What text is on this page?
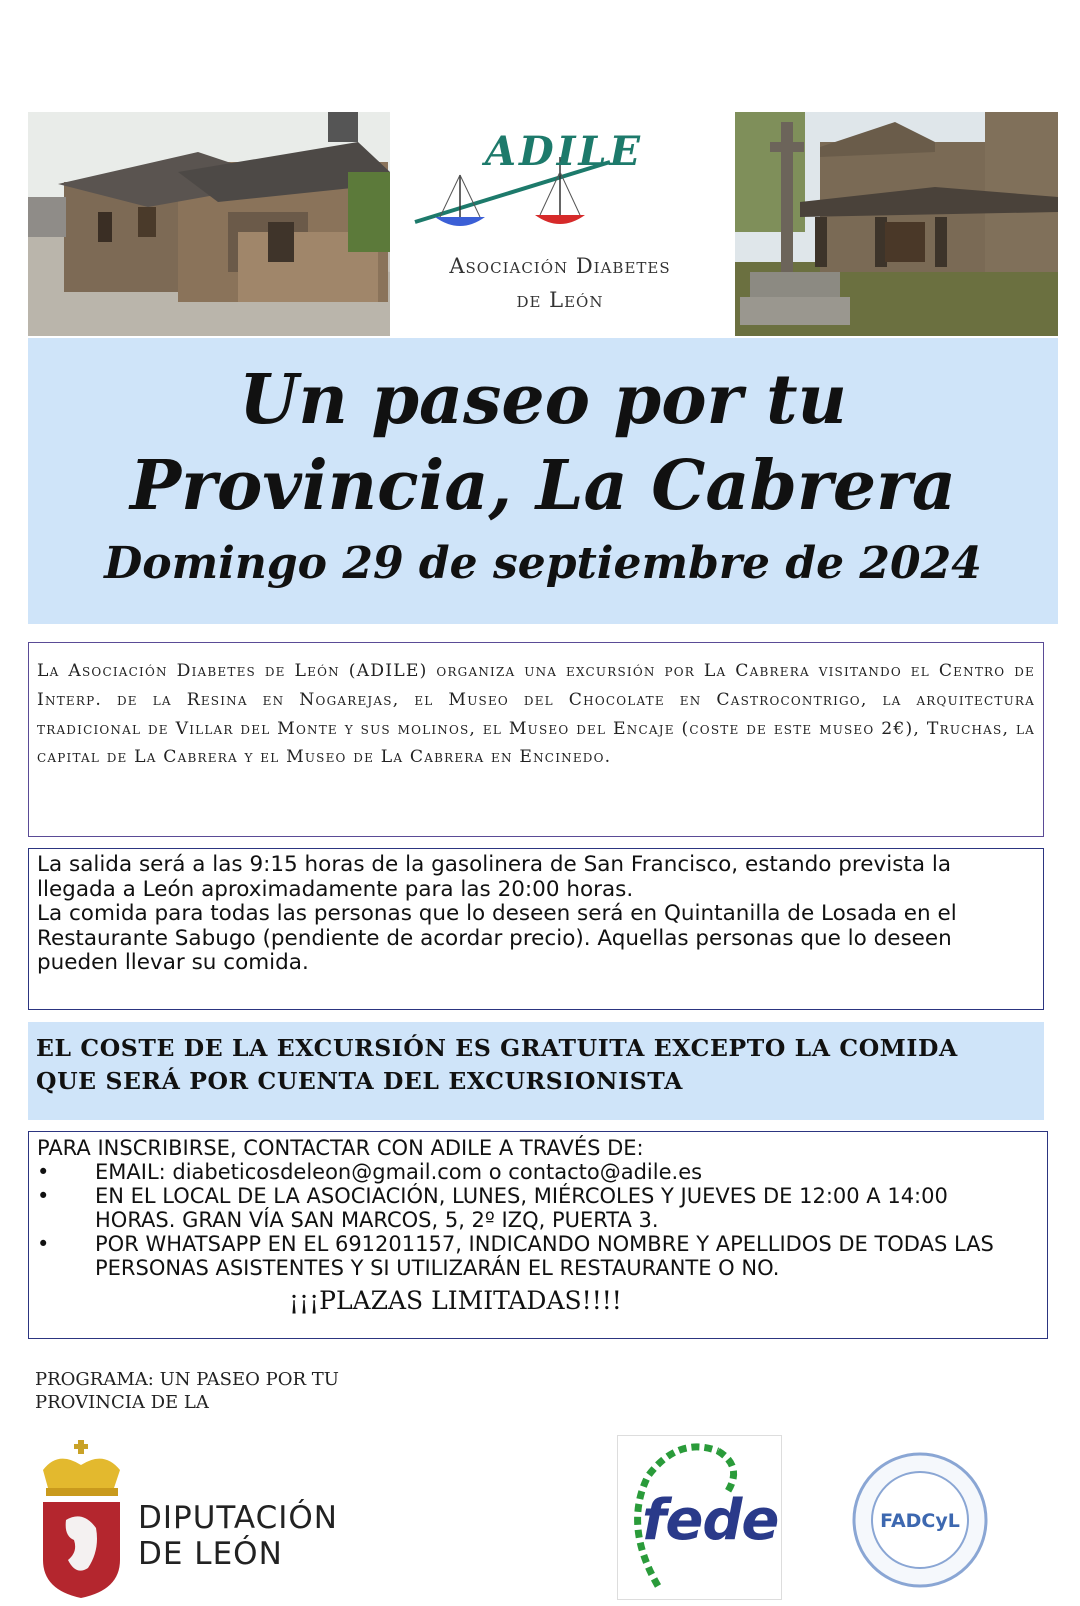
ADILE
Asociación Diabetes
de León
Un paseo por tu
Provincia, La Cabrera
Domingo 29 de septiembre de 2024
La Asociación Diabetes de León (ADILE) organiza una excursión por La Cabrera visitando el Centro de Interp. de la Resina en Nogarejas, el Museo del Chocolate en Castrocontrigo, la arquitectura tradicional de Villar del Monte y sus molinos, el Museo del Encaje (coste de este museo 2€), Truchas, la capital de La Cabrera y el Museo de La Cabrera en Encinedo.
La salida será a las 9:15 horas de la gasolinera de San Francisco, estando prevista la
llegada a León aproximadamente para las 20:00 horas.
La comida para todas las personas que lo deseen será en Quintanilla de Losada en el
Restaurante Sabugo (pendiente de acordar precio). Aquellas personas que lo deseen
pueden llevar su comida.
EL COSTE DE LA EXCURSIÓN ES GRATUITA EXCEPTO LA COMIDA
QUE SERÁ POR CUENTA DEL EXCURSIONISTA
PARA INSCRIBIRSE, CONTACTAR CON ADILE A TRAVÉS DE:
• EMAIL: diabeticosdeleon@gmail.com o contacto@adile.es
• EN EL LOCAL DE LA ASOCIACIÓN, LUNES, MIÉRCOLES Y JUEVES DE 12:00 A 14:00
HORAS. GRAN VÍA SAN MARCOS, 5, 2º IZQ, PUERTA 3.
• POR WHATSAPP EN EL 691201157, INDICANDO NOMBRE Y APELLIDOS DE TODAS LAS
PERSONAS ASISTENTES Y SI UTILIZARÁN EL RESTAURANTE O NO.
¡¡¡PLAZAS LIMITADAS!!!!
PROGRAMA: UN PASEO POR TU
PROVINCIA DE LA
DIPUTACIÓN
DE LEÓN
fede	FADCyL
